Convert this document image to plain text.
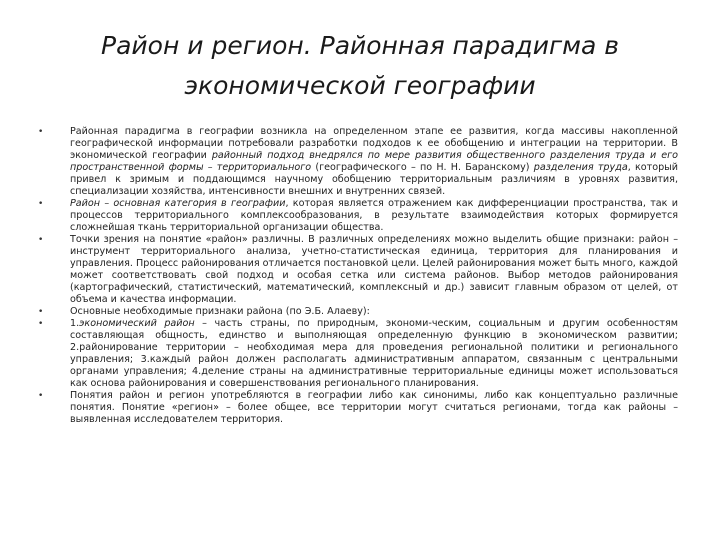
Район и регион. Районная парадигма в экономической географии
•	Районная парадигма в географии возникла на определенном этапе ее развития, когда массивы накопленной географической информации потребовали разработки подходов к ее обобщению и интеграции на территории. В экономической географии районный подход внедрялся по мере развития общественного разделения труда и его пространственной формы – территориального (географического – по Н. Н. Баранскому) разделения труда, который привел к зримым и поддающимся научному обобщению территориальным различиям в уровнях развития, специализации хозяйства, интенсивности внешних и внутренних связей.
•	Район – основная категория в географии, которая является отражением как дифференциации пространства, так и процессов территориального комплексообразования, в результате взаимодействия которых формируется сложнейшая ткань территориальной организации общества.
•	Точки зрения на понятие «район» различны. В различных определениях можно выделить общие признаки: район – инструмент территориального анализа, учетно-статистическая единица, территория для планирования и управления. Процесс районирования отличается постановкой цели. Целей районирования может быть много, каждой может соответствовать свой подход и особая сетка или система районов. Выбор методов районирования (картографический, статистический, математический, комплексный и др.) зависит главным образом от целей, от объема и качества информации.
•	Основные необходимые признаки района (по Э.Б. Алаеву):
•	1.экономический район – часть страны, по природным, экономи-ческим, социальным и другим особенностям составляющая общность, единство и выполняющая определенную функцию в экономическом развитии; 2.районирование территории – необходимая мера для проведения региональной политики и регионального управления; 3.каждый район должен располагать административным аппаратом, связанным с центральными органами управления; 4.деление страны на административные территориальные единицы может использоваться как основа районирования и совершенствования регионального планирования.
•	Понятия район и регион употребляются в географии либо как синонимы, либо как концептуально различные понятия. Понятие «регион» – более общее, все территории могут считаться регионами, тогда как районы – выявленная исследователем территория.
